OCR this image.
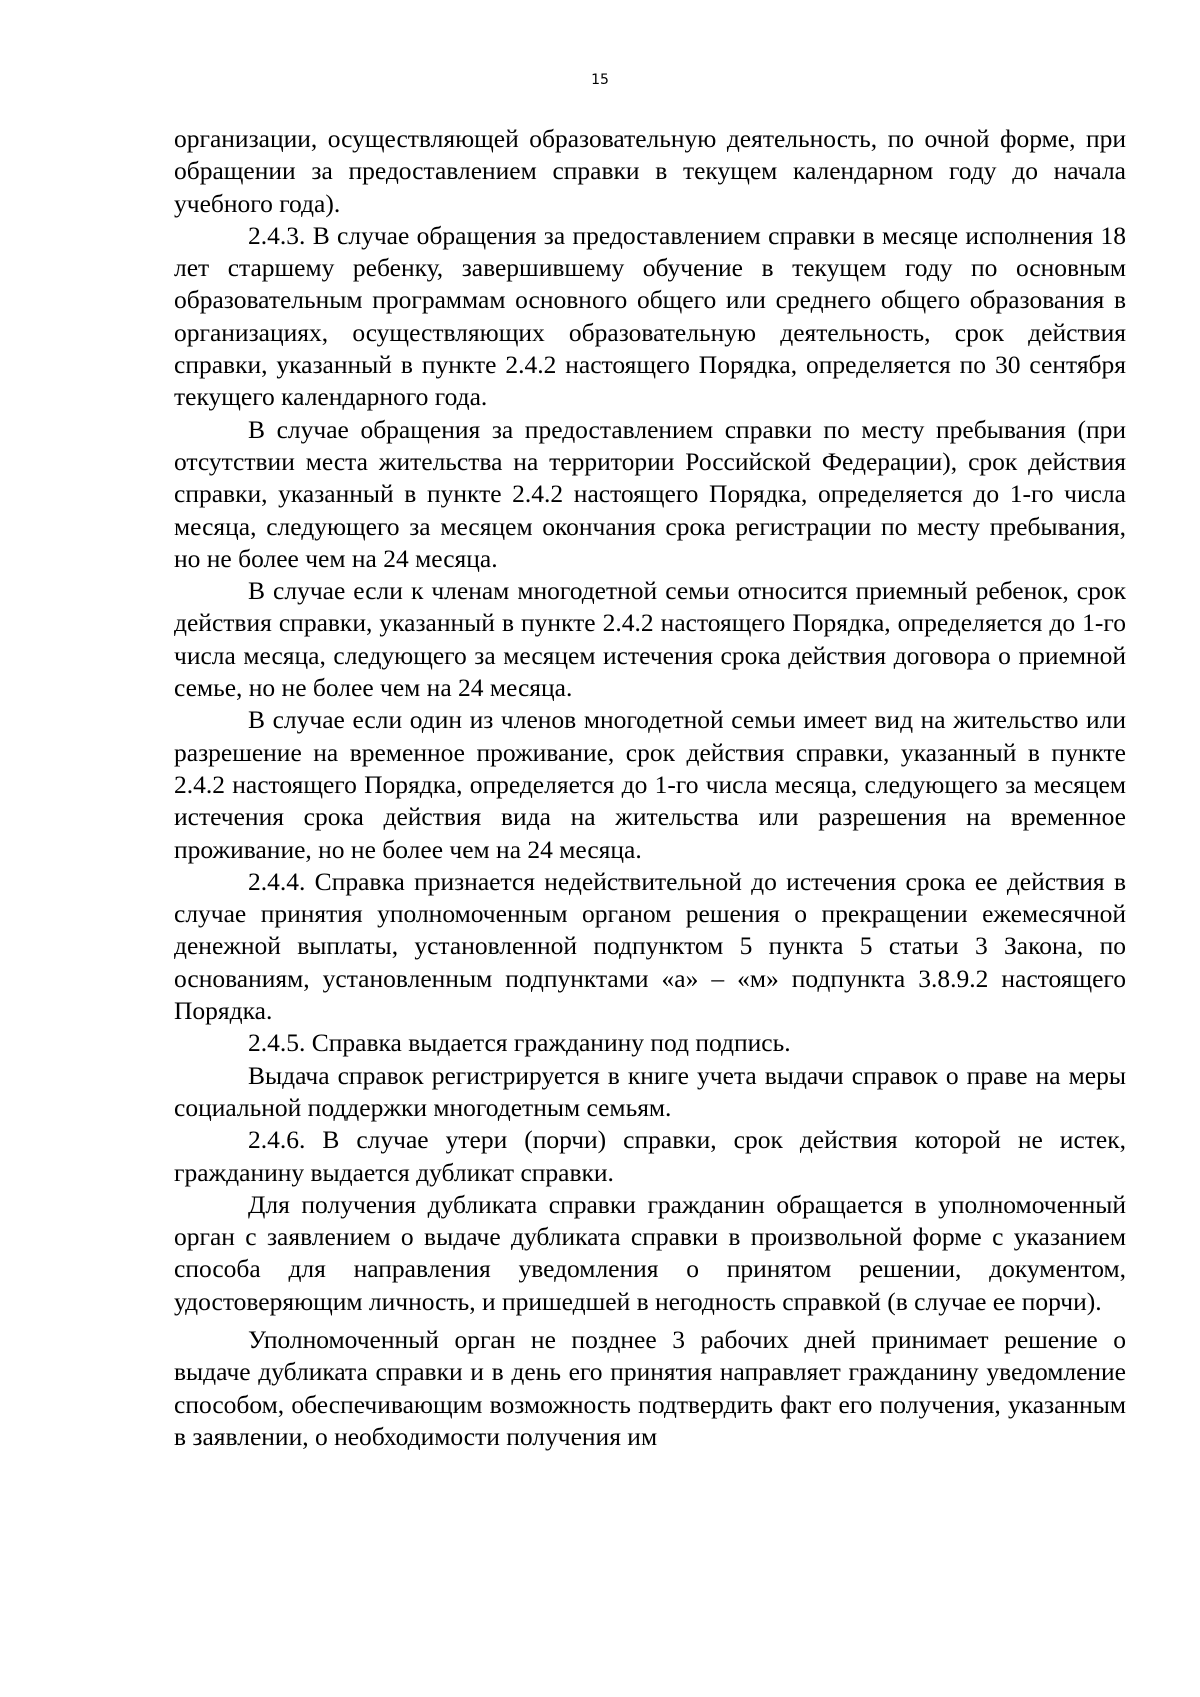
15

организации, осуществляющей образовательную деятельность, по очной форме, при обращении за предоставлением справки в текущем календарном году до начала учебного года).

2.4.3. В случае обращения за предоставлением справки в месяце исполнения 18 лет старшему ребенку, завершившему обучение в текущем году по основным образовательным программам основного общего или среднего общего образования в организациях, осуществляющих образовательную деятельность, срок действия справки, указанный в пункте 2.4.2 настоящего Порядка, определяется по 30 сентября текущего календарного года.

В случае обращения за предоставлением справки по месту пребывания (при отсутствии места жительства на территории Российской Федерации), срок действия справки, указанный в пункте 2.4.2 настоящего Порядка, определяется до 1-го числа месяца, следующего за месяцем окончания срока регистрации по месту пребывания, но не более чем на 24 месяца.

В случае если к членам многодетной семьи относится приемный ребенок, срок действия справки, указанный в пункте 2.4.2 настоящего Порядка, определяется до 1-го числа месяца, следующего за месяцем истечения срока действия договора о приемной семье, но не более чем на 24 месяца.

В случае если один из членов многодетной семьи имеет вид на жительство или разрешение на временное проживание, срок действия справки, указанный в пункте 2.4.2 настоящего Порядка, определяется до 1-го числа месяца, следующего за месяцем истечения срока действия вида на жительства или разрешения на временное проживание, но не более чем на 24 месяца.

2.4.4. Справка признается недействительной до истечения срока ее действия в случае принятия уполномоченным органом решения о прекращении ежемесячной денежной выплаты, установленной подпунктом 5 пункта 5 статьи 3 Закона, по основаниям, установленным подпунктами «а» – «м» подпункта 3.8.9.2 настоящего Порядка.

2.4.5. Справка выдается гражданину под подпись.

Выдача справок регистрируется в книге учета выдачи справок о праве на меры социальной поддержки многодетным семьям.

2.4.6. В случае утери (порчи) справки, срок действия которой не истек, гражданину выдается дубликат справки.

Для получения дубликата справки гражданин обращается в уполномоченный орган с заявлением о выдаче дубликата справки в произвольной форме с указанием способа для направления уведомления о принятом решении, документом, удостоверяющим личность, и пришедшей в негодность справкой (в случае ее порчи).

Уполномоченный орган не позднее 3 рабочих дней принимает решение о выдаче дубликата справки и в день его принятия направляет гражданину уведомление способом, обеспечивающим возможность подтвердить факт его получения, указанным в заявлении, о необходимости получения им
